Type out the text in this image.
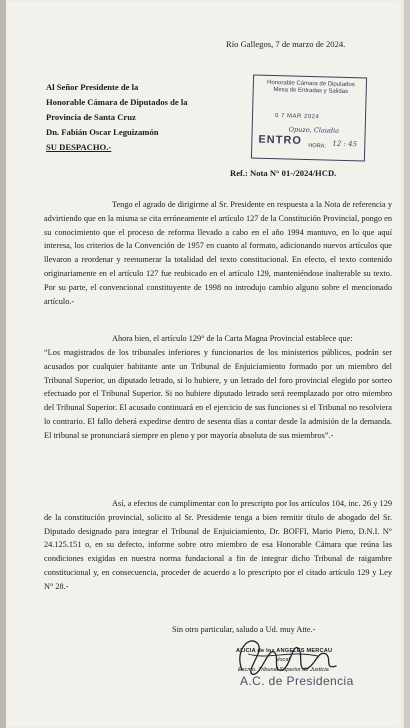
Río Gallegos, 7 de marzo de 2024.
Al Señor Presidente de la
Honorable Cámara de Diputados de la
Provincia de Santa Cruz
Dn. Fabián Oscar Leguizamón
SU DESPACHO.-
Honorable Cámara de Diputados
Mesa de Entradas y Salidas
0 7 MAR 2024
Opuzo, Claudia
ENTRO HORA: 12 : 45
Ref.: Nota N° 01-/2024/HCD.

Tengo el agrado de dirigirme al Sr. Presidente en respuesta a la Nota de referencia y advirtiendo que en la misma se cita erróneamente el artículo 127 de la Constitución Provincial, pongo en su conocimiento que el proceso de reforma llevado a cabo en el año 1994 mantuvo, en lo que aquí interesa, los criterios de la Convención de 1957 en cuanto al formato, adicionando nuevos artículos que llevaron a reordenar y reenumerar la totalidad del texto constitucional. En efecto, el texto contenido originariamente en el artículo 127 fue reubicado en el artículo 129, manteniéndose inalterable su texto. Por su parte, el convencional constituyente de 1998 no introdujo cambio alguno sobre el mencionado artículo.-

Ahora bien, el artículo 129° de la Carta Magna Provincial establece que:

“Los magistrados de los tribunales inferiores y funcionarios de los ministerios públicos, podrán ser acusados por cualquier habitante ante un Tribunal de Enjuiciamiento formado por un miembro del Tribunal Superior, un diputado letrado, si lo hubiere, y un letrado del foro provincial elegido por sorteo efectuado por el Tribunal Superior. Si no hubiere diputado letrado será reemplazado por otro miembro del Tribunal Superior. El acusado continuará en el ejercicio de sus funciones si el Tribunal no resolviera lo contrario. El fallo deberá expedirse dentro de sesenta días a contar desde la admisión de la demanda. El tribunal se pronunciará siempre en pleno y por mayoría absoluta de sus miembros”.-

Así, a efectos de cumplimentar con lo prescripto por los artículos 104, inc. 26 y 129 de la constitución provincial, solicito al Sr. Presidente tenga a bien remitir título de abogado del Sr. Diputado designado para integrar el Tribunal de Enjuiciamiento, Dr. BOFFI, Mario Piero, D.N.I. N° 24.125.151 o, en su defecto, informe sobre otro miembro de esa Honorable Cámara que reúna las condiciones exigidas en nuestra norma fundacional a fin de integrar dicho Tribunal de raigambre constitucional y, en consecuencia, proceder de acuerdo a lo prescripto por el citado artículo 129 y Ley N° 28.-

Sin otro particular, saludo a Ud. muy Atte.-
ALICIA de los ANGELES MERCAU
Vocal
Excmo. Tribunal Superior de Justicia
A.C. de Presidencia
